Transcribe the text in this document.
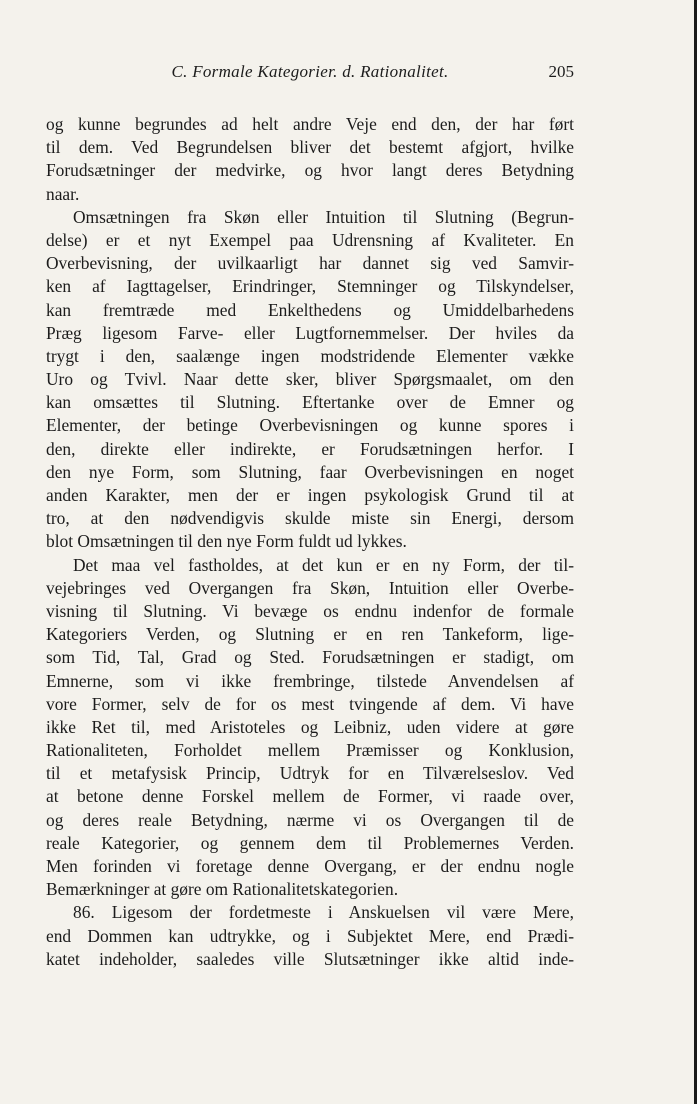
C. Formale Kategorier. d. Rationalitet.	205
og kunne begrundes ad helt andre Veje end den, der har ført
til dem. Ved Begrundelsen bliver det bestemt afgjort, hvilke
Forudsætninger der medvirke, og hvor langt deres Betydning
naar.
Omsætningen fra Skøn eller Intuition til Slutning (Begrun-
delse) er et nyt Exempel paa Udrensning af Kvaliteter. En
Overbevisning, der uvilkaarligt har dannet sig ved Samvir-
ken af Iagttagelser, Erindringer, Stemninger og Tilskyndelser,
kan fremtræde med Enkelthedens og Umiddelbarhedens
Præg ligesom Farve- eller Lugtfornemmelser. Der hviles da
trygt i den, saalænge ingen modstridende Elementer vække
Uro og Tvivl. Naar dette sker, bliver Spørgsmaalet, om den
kan omsættes til Slutning. Eftertanke over de Emner og
Elementer, der betinge Overbevisningen og kunne spores i
den, direkte eller indirekte, er Forudsætningen herfor. I
den nye Form, som Slutning, faar Overbevisningen en noget
anden Karakter, men der er ingen psykologisk Grund til at
tro, at den nødvendigvis skulde miste sin Energi, dersom
blot Omsætningen til den nye Form fuldt ud lykkes.
Det maa vel fastholdes, at det kun er en ny Form, der til-
vejebringes ved Overgangen fra Skøn, Intuition eller Overbe-
visning til Slutning. Vi bevæge os endnu indenfor de formale
Kategoriers Verden, og Slutning er en ren Tankeform, lige-
som Tid, Tal, Grad og Sted. Forudsætningen er stadigt, om
Emnerne, som vi ikke frembringe, tilstede Anvendelsen af
vore Former, selv de for os mest tvingende af dem. Vi have
ikke Ret til, med Aristoteles og Leibniz, uden videre at gøre
Rationaliteten, Forholdet mellem Præmisser og Konklusion,
til et metafysisk Princip, Udtryk for en Tilværelseslov. Ved
at betone denne Forskel mellem de Former, vi raade over,
og deres reale Betydning, nærme vi os Overgangen til de
reale Kategorier, og gennem dem til Problemernes Verden.
Men forinden vi foretage denne Overgang, er der endnu nogle
Bemærkninger at gøre om Rationalitetskategorien.
86. Ligesom der fordetmeste i Anskuelsen vil være Mere,
end Dommen kan udtrykke, og i Subjektet Mere, end Prædi-
katet indeholder, saaledes ville Slutsætninger ikke altid inde-
